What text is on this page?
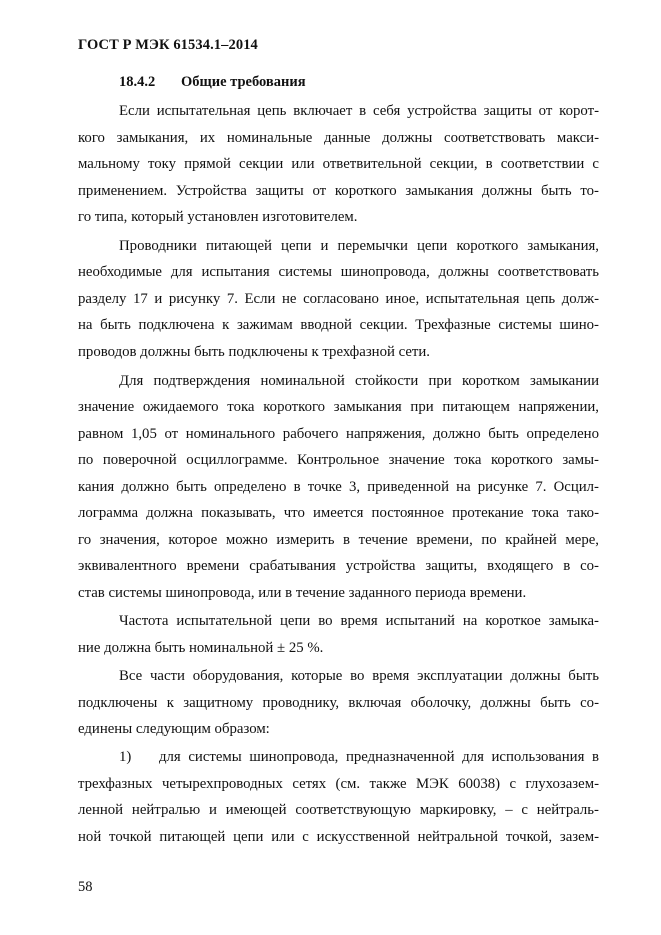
ГОСТ Р МЭК 61534.1–2014
18.4.2 Общие требования
Если испытательная цепь включает в себя устройства защиты от корот-
кого замыкания, их номинальные данные должны соответствовать макси-
мальному току прямой секции или ответвительной секции, в соответствии с
применением. Устройства защиты от короткого замыкания должны быть то-
го типа, который установлен изготовителем.
Проводники питающей цепи и перемычки цепи короткого замыкания,
необходимые для испытания системы шинопровода, должны соответствовать
разделу 17 и рисунку 7. Если не согласовано иное, испытательная цепь долж-
на быть подключена к зажимам вводной секции. Трехфазные системы шино-
проводов должны быть подключены к трехфазной сети.
Для подтверждения номинальной стойкости при коротком замыкании
значение ожидаемого тока короткого замыкания при питающем напряжении,
равном 1,05 от номинального рабочего напряжения, должно быть определено
по поверочной осциллограмме. Контрольное значение тока короткого замы-
кания должно быть определено в точке 3, приведенной на рисунке 7. Осцил-
лограмма должна показывать, что имеется постоянное протекание тока тако-
го значения, которое можно измерить в течение времени, по крайней мере,
эквивалентного времени срабатывания устройства защиты, входящего в со-
став системы шинопровода, или в течение заданного периода времени.
Частота испытательной цепи во время испытаний на короткое замыка-
ние должна быть номинальной ± 25 %.
Все части оборудования, которые во время эксплуатации должны быть
подключены к защитному проводнику, включая оболочку, должны быть со-
единены следующим образом:
1) для системы шинопровода, предназначенной для использования в
трехфазных четырехпроводных сетях (см. также МЭК 60038) с глухозазем-
ленной нейтралью и имеющей соответствующую маркировку, – с нейтраль-
ной точкой питающей цепи или с искусственной нейтральной точкой, зазем-
58
